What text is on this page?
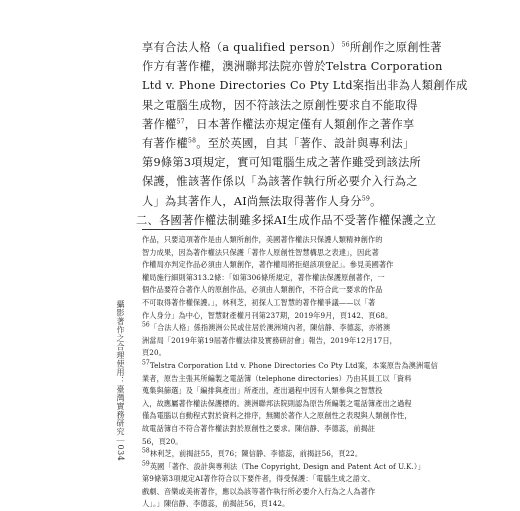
享有合法人格（a qualified person）$^{56}$所創作之原創性著

作方有著作權，澳洲聯邦法院亦曾於Telstra Corporation

Ltd v. Phone Directories Co Pty Ltd案指出非為人類創作成

果之電腦生成物，因不符該法之原創性要求自不能取得

著作權$^{57}$，日本著作權法亦規定僅有人類創作之著作享

有著作權$^{58}$。至於英國，自其「著作、設計與專利法」

第9條第3項規定，實可知電腦生成之著作雖受到該法所

保護，惟該著作係以「為該著作執行所必要介入行為之

人」為其著作人，AI尚無法取得著作人身分$^{59}$。

二、各國著作權法制雖多採AI生成作品不受著作權保護之立

作品，只要這項著作是由人類所創作，美國著作權法只保護人類精神創作的

智力成果，因為著作權法只保護「著作人原創性智慧構思之表達」，因此著

作權局亦判定作品必須由人類創作，著作權局將拒絕該項登記」。參見美國著作

權局施行細則第313.2條：「如第306條所規定，著作權法保護原創著作，一

個作品要符合著作人的原創作品，必須由人類創作，不符合此一要求的作品

不可取得著作權保護。」，林利芝，初探人工智慧的著作權爭議——以「著

作人身分」為中心，智慧財產權月刊第237期，2019年9月，頁142、頁68。

$^{56}$「合法人格」係指澳洲公民或住居於澳洲境內者，陳信静、李德蕊，亦將澳

洲當局「2019年第19屆著作權法律及實務研討會」報告，2019年12月17日，

頁20。

$^{57}$Telstra Corporation Ltd v. Phone Directories Co Pty Ltd案，本案原告為澳洲電信

業者，原告主張其所編製之電話簿（telephone directories）乃由其員工以「資料

蒐集與篩選」及「編排與產出」所產出，產出過程中因有人類參與之智慧投

入，故應屬著作權法保護標的。澳洲聯邦法院則認為原告所編製之電話簿產出之過程

僅為電腦以自動程式對於資料之排序，無關於著作人之原創性之表現與人類創作性，

故電話簿自不符合著作權法對於原創性之要求。陳信静、李德蕊，前揭註

56，頁20。

$^{58}$林利芝，前揭註55，頁76；陳信静、李德蕊，前揭註56，頁22。

$^{59}$英國「著作、設計與專利法（The Copyright, Design and Patent Act of U.K.）」

第9條第3項規定AI著作符合以下要件者，得受保護：「電腦生成之語文、

戲劇、音樂或美術著作，應以為該等著作執行所必要介入行為之人為著作

人」。」陳信静、李德蕊，前揭註56，頁142。

攝影著作之合理使用：臺灣實務研究｜034
